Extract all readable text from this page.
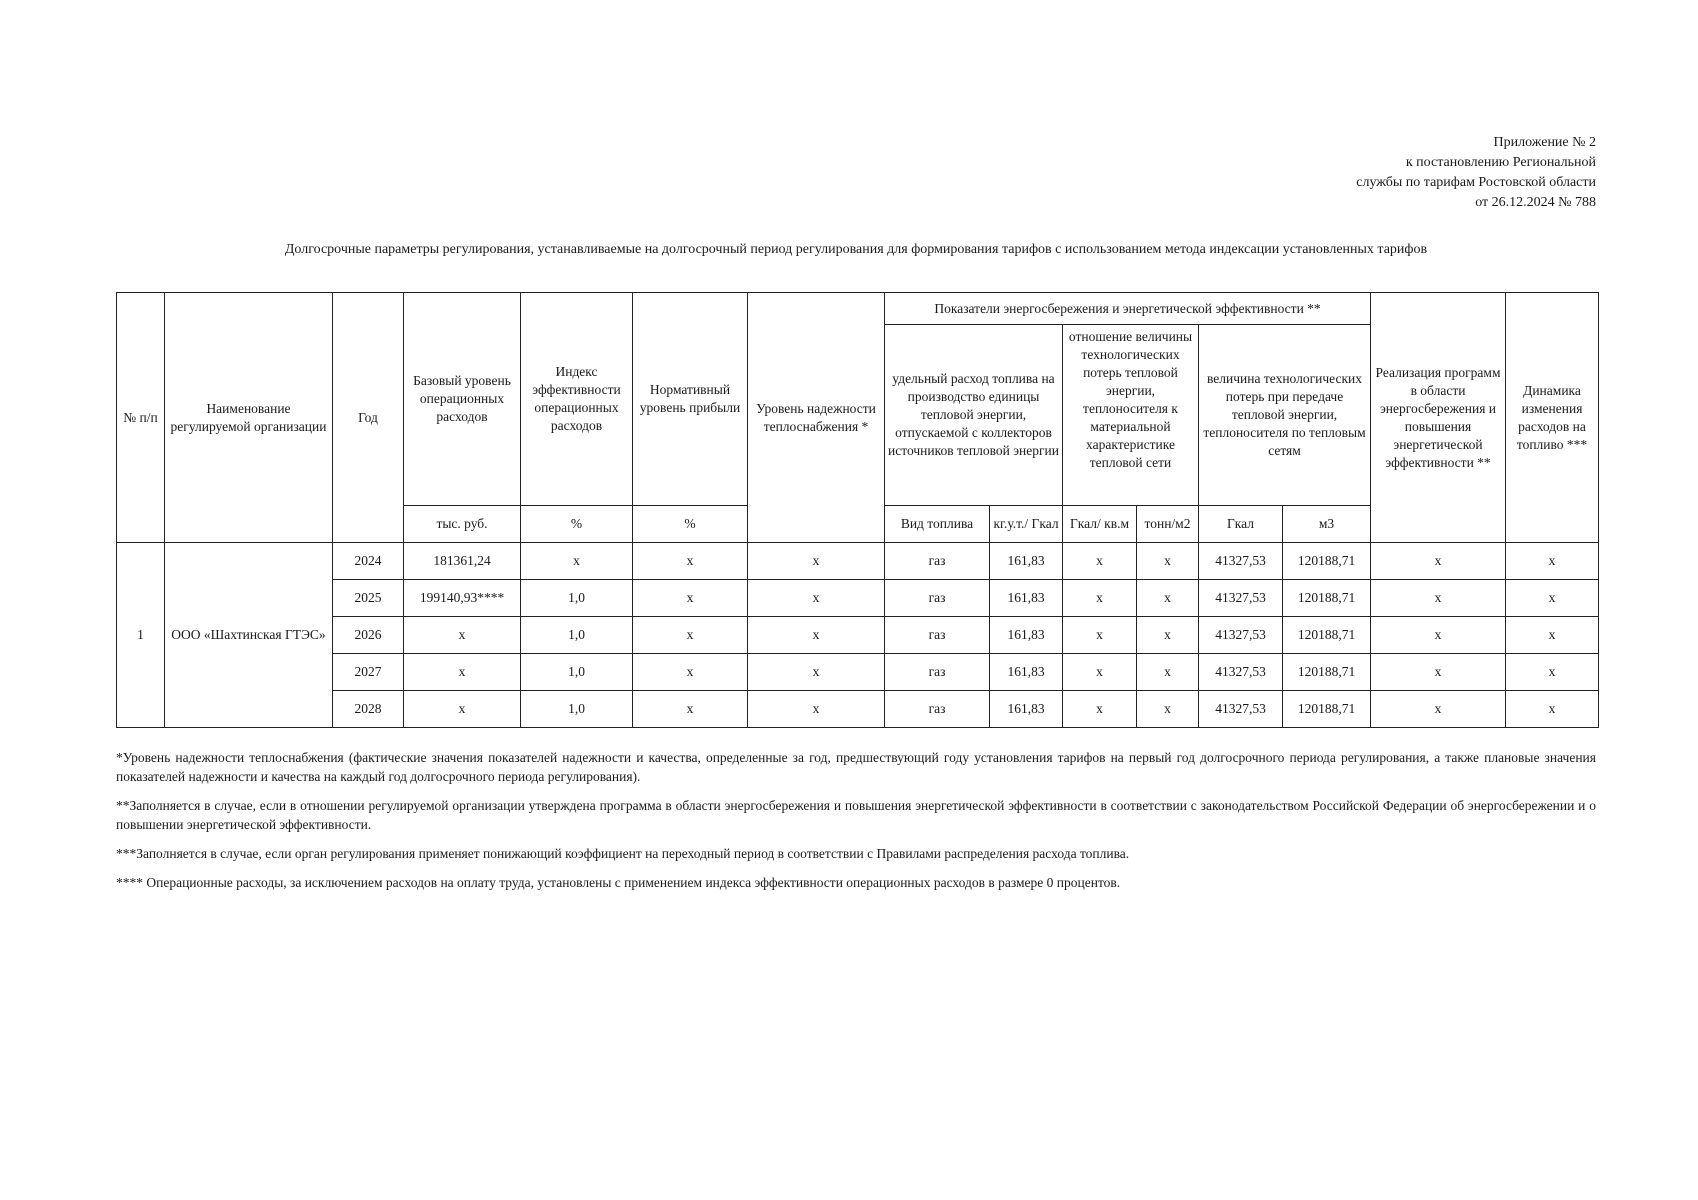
Приложение № 2
к постановлению Региональной
службы по тарифам Ростовской области
от 26.12.2024 № 788
Долгосрочные параметры регулирования, устанавливаемые на долгосрочный период регулирования для формирования тарифов с использованием метода индексации установленных тарифов
№ п/п	Наименование регулируемой организации	Год	Базовый уровень операционных расходов	Индекс эффективности операционных расходов	Нормативный уровень прибыли	Уровень надежности теплоснабжения *	Показатели энергосбережения и энергетической эффективности **						Реализация программ в области энергосбережения и повышения энергетической эффективности **	Динамика изменения расходов на топливо ***
							удельный расход топлива на производство единицы тепловой энергии, отпускаемой с коллекторов источников тепловой энергии		отношение величины технологических потерь тепловой энергии, теплоносителя к материальной характеристике тепловой сети		величина технологических потерь при передаче тепловой энергии, теплоносителя по тепловым сетям			
			тыс. руб.	%	%		Вид топлива	кг.у.т./ Гкал	Гкал/ кв.м	тонн/м2	Гкал	м3		
1	ООО «Шахтинская ГТЭС»	2024	181361,24	х	х	х	газ	161,83	х	х	41327,53	120188,71	х	х
		2025	199140,93****	1,0	х	х	газ	161,83	х	х	41327,53	120188,71	х	х
		2026	х	1,0	х	х	газ	161,83	х	х	41327,53	120188,71	х	х
		2027	х	1,0	х	х	газ	161,83	х	х	41327,53	120188,71	х	х
		2028	х	1,0	х	х	газ	161,83	х	х	41327,53	120188,71	х	х

*Уровень надежности теплоснабжения (фактические значения показателей надежности и качества, определенные за год, предшествующий году установления тарифов на первый год долгосрочного периода регулирования, а также плановые значения показателей надежности и качества на каждый год долгосрочного периода регулирования).

**Заполняется в случае, если в отношении регулируемой организации утверждена программа в области энергосбережения и повышения энергетической эффективности в соответствии с законодательством Российской Федерации об энергосбережении и о повышении энергетической эффективности.

***Заполняется в случае, если орган регулирования применяет понижающий коэффициент на переходный период в соответствии с Правилами распределения расхода топлива.

**** Операционные расходы, за исключением расходов на оплату труда, установлены с применением индекса эффективности операционных расходов в размере 0 процентов.
